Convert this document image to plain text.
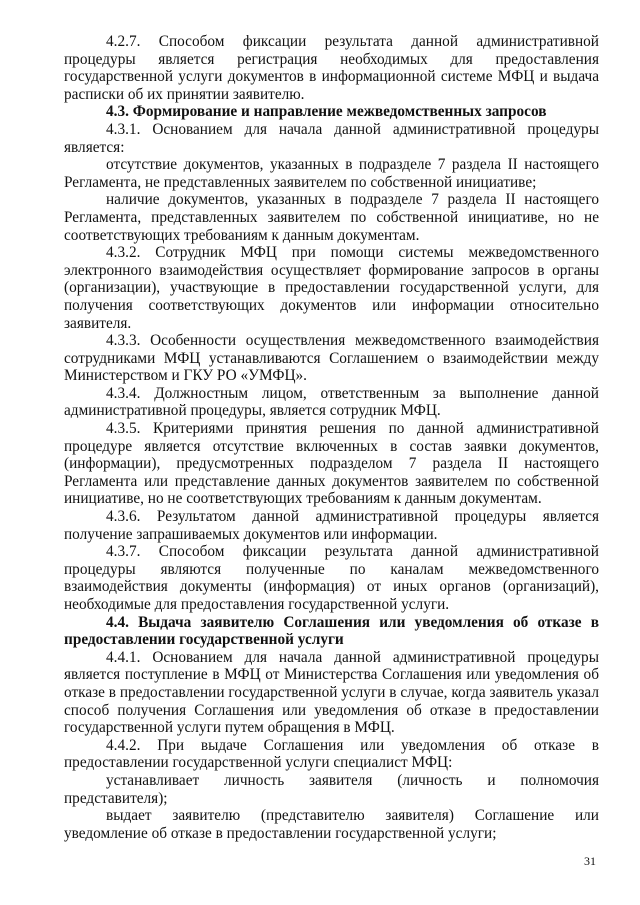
4.2.7. Способом фиксации результата данной административной процедуры является регистрация необходимых для предоставления государственной услуги документов в информационной системе МФЦ и выдача расписки об их принятии заявителю.

4.3. Формирование и направление межведомственных запросов

4.3.1. Основанием для начала данной административной процедуры является:

отсутствие документов, указанных в подразделе 7 раздела II настоящего Регламента, не представленных заявителем по собственной инициативе;

наличие документов, указанных в подразделе 7 раздела II настоящего Регламента, представленных заявителем по собственной инициативе, но не соответствующих требованиям к данным документам.

4.3.2. Сотрудник МФЦ при помощи системы межведомственного электронного взаимодействия осуществляет формирование запросов в органы (организации), участвующие в предоставлении государственной услуги, для получения соответствующих документов или информации относительно заявителя.

4.3.3. Особенности осуществления межведомственного взаимодействия сотрудниками МФЦ устанавливаются Соглашением о взаимодействии между Министерством и ГКУ РО «УМФЦ».

4.3.4. Должностным лицом, ответственным за выполнение данной административной процедуры, является сотрудник МФЦ.

4.3.5. Критериями принятия решения по данной административной процедуре является отсутствие включенных в состав заявки документов, (информации), предусмотренных подразделом 7 раздела II настоящего Регламента или представление данных документов заявителем по собственной инициативе, но не соответствующих требованиям к данным документам.

4.3.6. Результатом данной административной процедуры является получение запрашиваемых документов или информации.

4.3.7. Способом фиксации результата данной административной процедуры являются полученные по каналам межведомственного взаимодействия документы (информация) от иных органов (организаций), необходимые для предоставления государственной услуги.

4.4. Выдача заявителю Соглашения или уведомления об отказе в предоставлении государственной услуги

4.4.1. Основанием для начала данной административной процедуры является поступление в МФЦ от Министерства Соглашения или уведомления об отказе в предоставлении государственной услуги в случае, когда заявитель указал способ получения Соглашения или уведомления об отказе в предоставлении государственной услуги путем обращения в МФЦ.

4.4.2. При выдаче Соглашения или уведомления об отказе в предоставлении государственной услуги специалист МФЦ:

устанавливает личность заявителя (личность и полномочия представителя);

выдает заявителю (представителю заявителя) Соглашение или уведомление об отказе в предоставлении государственной услуги;

31
